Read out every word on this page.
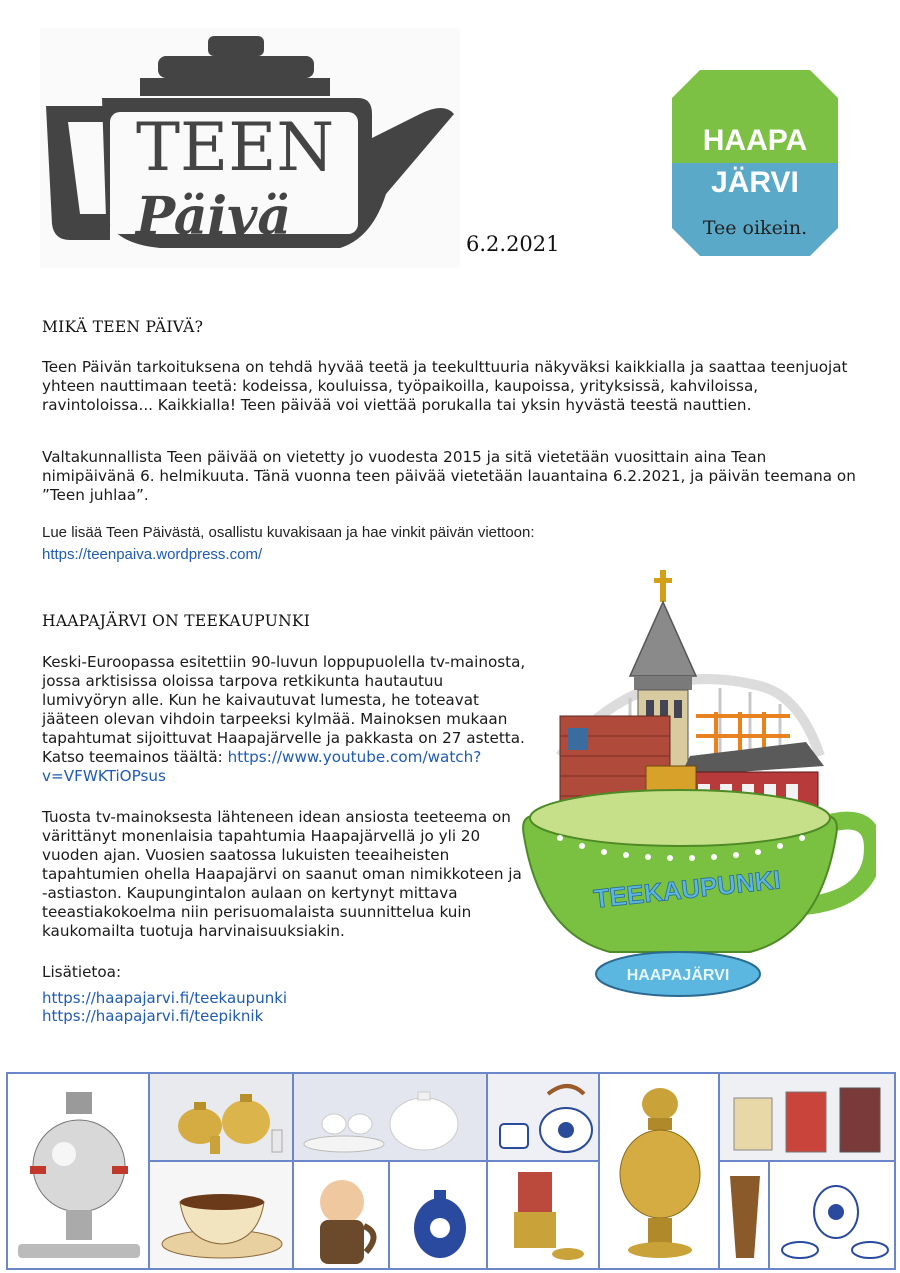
TEEN
Päivä	6.2.2021
HAAPA
JÄRVI
Tee oikein.
MIKÄ TEEN PÄIVÄ?

Teen Päivän tarkoituksena on tehdä hyvää teetä ja teekulttuuria näkyväksi kaikkialla ja saattaa teenjuojat yhteen nauttimaan teetä: kodeissa, kouluissa, työpaikoilla, kaupoissa, yrityksissä, kahviloissa, ravintoloissa... Kaikkialla! Teen päivää voi viettää porukalla tai yksin hyvästä teestä nauttien.

Valtakunnallista Teen päivää on vietetty jo vuodesta 2015 ja sitä vietetään vuosittain aina Tean nimipäivänä 6. helmikuuta. Tänä vuonna teen päivää vietetään lauantaina 6.2.2021, ja päivän teemana on ”Teen juhlaa”.

Lue lisää Teen Päivästä, osallistu kuvakisaan ja hae vinkit päivän viettoon:

https://teenpaiva.wordpress.com/
HAAPAJÄRVI ON TEEKAUPUNKI

Keski-Euroopassa esitettiin 90-luvun loppupuolella tv-mainosta, jossa arktisissa oloissa tarpova retkikunta hautautuu lumivyöryn alle. Kun he kaivautuvat lumesta, he toteavat jääteen olevan vihdoin tarpeeksi kylmää. Mainoksen mukaan tapahtumat sijoittuvat Haapajärvelle ja pakkasta on 27 astetta. Katso teemainos täältä: https://www.youtube.com/watch?v=VFWKTiOPsus

Tuosta tv-mainoksesta lähteneen idean ansiosta teeteema on värittänyt monenlaisia tapahtumia Haapajärvellä jo yli 20 vuoden ajan. Vuosien saatossa lukuisten teeaiheisten tapahtumien ohella Haapajärvi on saanut oman nimikkoteen ja -astiaston. Kaupungintalon aulaan on kertynyt mittava teeastiakokoelma niin perisuomalaista suunnittelua kuin kaukomailta tuotuja harvinaisuuksiakin.

Lisätietoa:

https://haapajarvi.fi/teekaupunki
https://haapajarvi.fi/teepiknik
TEEKAUPUNKI
HAAPAJÄRVI
